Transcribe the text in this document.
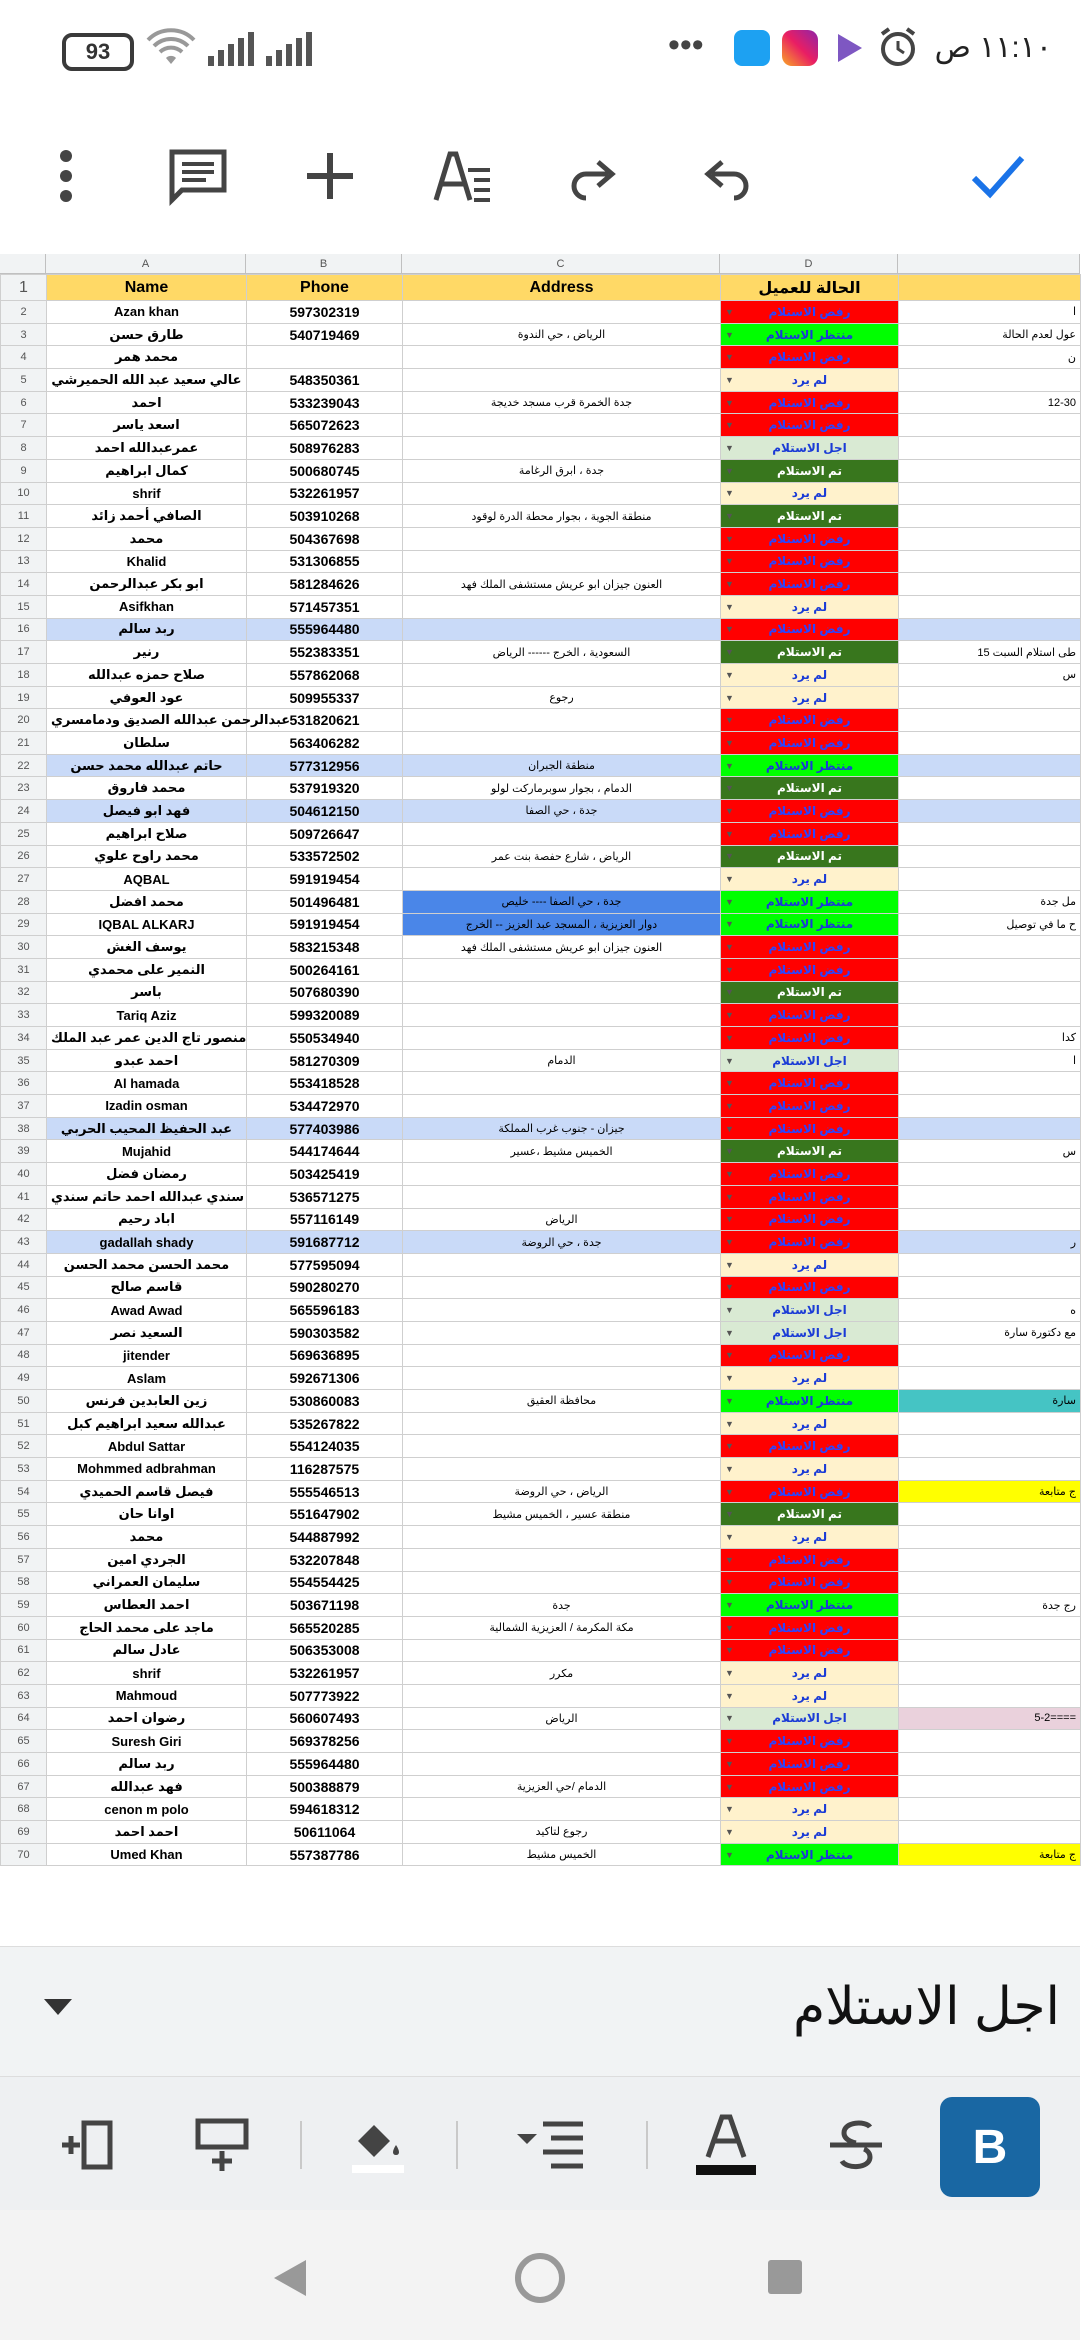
93	•••	١١:١٠ ص
A	B	C	D
1	Name	Phone	Address	الحالة للعميل	
2	Azan khan	597302319		▼ رفض الاستلام	ا
3	طارق حسن	540719469	الرياض ، حي الندوة	▼ منتظر الاستلام	عول لعدم الحالة
4	محمد همر			▼ رفض الاستلام	ن
5	عالي سعيد عبد الله الحميرشي	548350361		▼ لم يرد	
6	احمد	533239043	جدة الخمرة قرب مسجد خديجة	▼ رفض الاستلام	12-30
7	اسعد ياسر	565072623		▼ رفض الاستلام	
8	عمرعبدالله احمد	508976283		▼ اجل الاستلام	
9	كمال ابراهيم	500680745	جدة ، ابرق الرغامة	▼ تم الاستلام	
10	shrif	532261957		▼ لم يرد	
11	الصافي أحمد زائد	503910268	منطقة الجوية ، بجوار محطة الدرة لوقود	▼ تم الاستلام	
12	محمد	504367698		▼ رفض الاستلام	
13	Khalid	531306855		▼ رفض الاستلام	
14	ابو بكر عبدالرحمن	581284626	العنون جيزان ابو عريش مستشفى الملك فهد	▼ رفض الاستلام	
15	Asifkhan	571457351		▼ لم يرد	
16	ربد سالم	555964480		▼ رفض الاستلام	
17	رنير	552383351	السعودية ، الخرج ------ الرياض	▼ تم الاستلام	طى استلام السبت 15
18	صلاح حمزه عبدالله	557862068		▼ لم يرد	س
19	عود العوفي	509955337	رجوع	▼ لم يرد	
20	عبدالرحمن عبدالله الصديق ودمامسري	531820621		▼ رفض الاستلام	
21	سلطان	563406282		▼ رفض الاستلام	
22	حاتم عبدالله محمد حسن	577312956	منطقة الجبران	▼ منتظر الاستلام	
23	محمد فاروق	537919320	الدمام ، بجوار سوبرماركت لولو	▼ تم الاستلام	
24	فهد ابو فيصل	504612150	جدة ، حي الصفا	▼ رفض الاستلام	
25	صلاح ابراهيم	509726647		▼ رفض الاستلام	
26	محمد راوح علوي	533572502	الرياض ، شارع حفصة بنت عمر	▼ تم الاستلام	
27	AQBAL	591919454		▼ لم يرد	
28	محمد افضل	501496481	جدة ، حي الصفا ---- خليص	▼ منتظر الاستلام	مل جدة
29	IQBAL ALKARJ	591919454	دوار العزيزية ، المسجد عبد العزيز -- الخرج	▼ منتظر الاستلام	ح ما في توصيل
30	يوسف الغش	583215348	العنون جيزان ابو عريش مستشفى الملك فهد	▼ رفض الاستلام	
31	النمير على محمدي	500264161		▼ رفض الاستلام	
32	باسر	507680390		▼ تم الاستلام	
33	Tariq Aziz	599320089		▼ رفض الاستلام	
34	منصور تاج الدين عمر عبد الملك	550534940		▼ رفض الاستلام	كدا
35	احمد عبدو	581270309	الدمام	▼ اجل الاستلام	ا
36	Al hamada	553418528		▼ رفض الاستلام	
37	Izadin osman	534472970		▼ رفض الاستلام	
38	عبد الحفيظ المحيب الحربي	577403986	جيزان - جنوب غرب المملكة	▼ رفض الاستلام	
39	Mujahid	544174644	الخميس مشيط ،عسير	▼ تم الاستلام	س
40	رمضان فضل	503425419		▼ رفض الاستلام	
41	سندي عبدالله احمد حاتم سندي	536571275		▼ رفض الاستلام	
42	اباد رحيم	557116149	الرياض	▼ رفض الاستلام	
43	gadallah shady	591687712	جدة ، حي الروضة	▼ رفض الاستلام	ر
44	محمد الحسن محمد الحسن	577595094		▼ لم يرد	
45	قاسم صالح	590280270		▼ رفض الاستلام	
46	Awad Awad	565596183		▼ اجل الاستلام	ه
47	السعيد نصر	590303582		▼ اجل الاستلام	مع دكتورة سارة
48	jitender	569636895		▼ رفض الاستلام	
49	Aslam	592671306		▼ لم يرد	
50	زين العابدين فرنس	530860083	محافظة العقيق	▼ منتظر الاستلام	سارة
51	عبدالله سعيد ابراهيم كبل	535267822		▼ لم يرد	
52	Abdul Sattar	554124035		▼ رفض الاستلام	
53	Mohmmed adbrahman	116287575		▼ لم يرد	
54	فيصل قاسم الحميدي	555546513	الرياض ، حي الروضة	▼ رفض الاستلام	ج متابعة
55	اوانا حان	551647902	منطقة عسير ، الخميس مشيط	▼ تم الاستلام	
56	محمد	544887992		▼ لم يرد	
57	الجردي امين	532207848		▼ رفض الاستلام	
58	سليمان العمراني	554554425		▼ رفض الاستلام	
59	احمد العطاس	503671198	جدة	▼ منتظر الاستلام	رج جدة
60	ماجد على محمد الحاج	565520285	مكة المكرمة / العزيزية الشمالية	▼ رفض الاستلام	
61	عادل سالم	506353008		▼ رفض الاستلام	
62	shrif	532261957	مكرر	▼ لم يرد	
63	Mahmoud	507773922		▼ لم يرد	
64	رضوان احمد	560607493	الرياض	▼ اجل الاستلام	5-2====
65	Suresh Giri	569378256		▼ رفض الاستلام	
66	ربد سالم	555964480		▼ رفض الاستلام	
67	فهد عبدالله	500388879	الدمام /حي العزيزية	▼ رفض الاستلام	
68	cenon m polo	594618312		▼ لم يرد	
69	احمد احمد	50611064	رجوع لتاكيد	▼ لم يرد	
70	Umed Khan	557387786	الخميس مشيط	▼ منتظر الاستلام	ج متابعة
اجل الاستلام
B
